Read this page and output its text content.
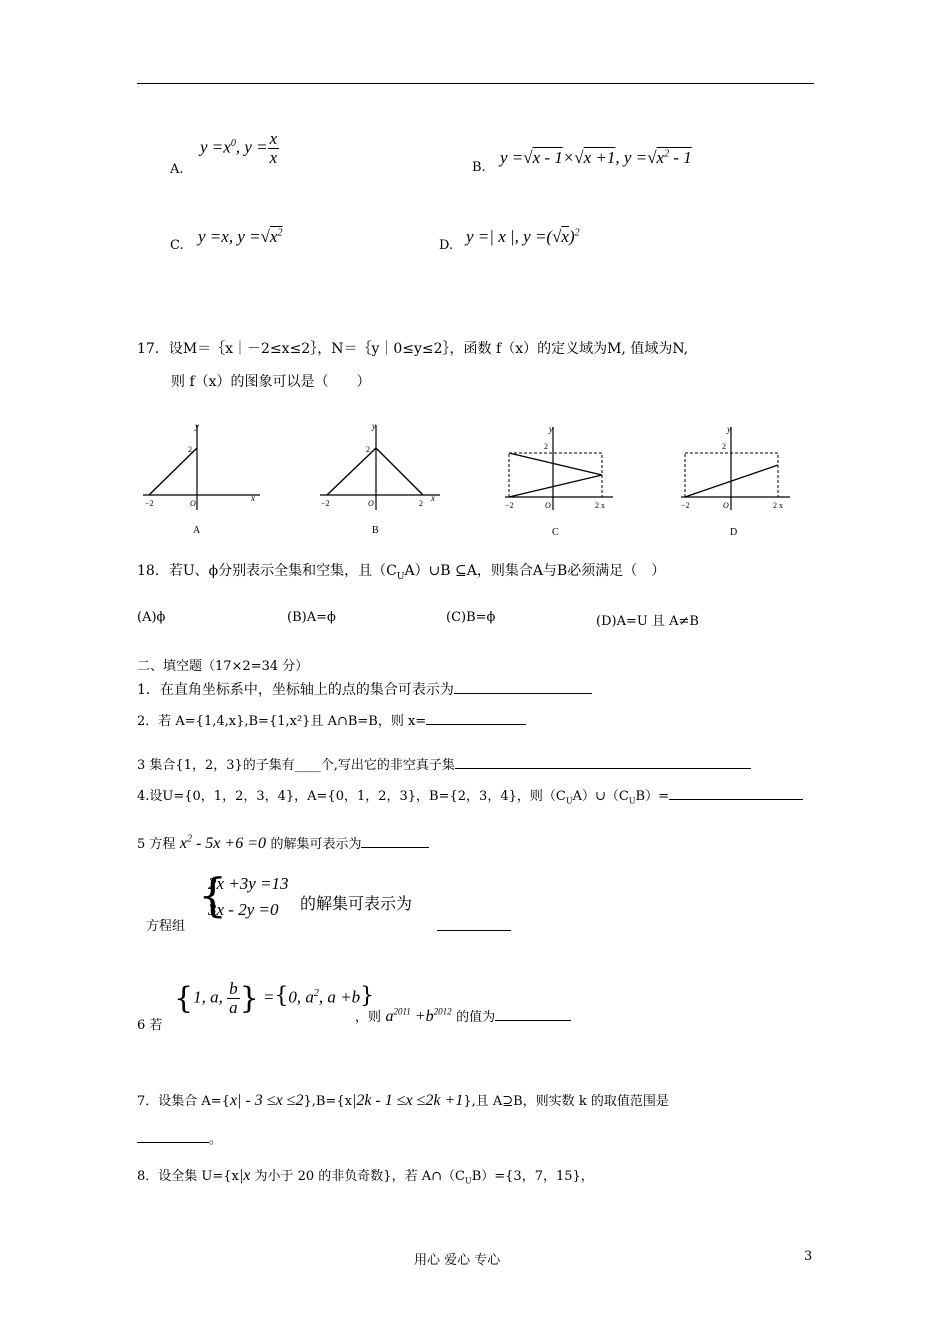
A.
$y =x^0$, $y = \frac{x}{x}$
B.
y =√x - 1×√x +1, $y =√x^2 - 1$
C. y =x, $y =√x^2$
D. y =| x |, $y =(√x)^2$
17．设M＝｛x｜－2≤x≤2｝，N＝｛y｜0≤y≤2｝，函数 f（x）的定义域为M, 值域为N,
则 f（x）的图象可以是（　　）
y
x
2
−2	O
A
y
x
2
−2	O	2
B
y
2
−2	O	2 x
C
y
2
−2	O	2 x
D
18．若U、ϕ分别表示全集和空集，且$(C_UA)\cup B$ ⊆A，则集合A与B必须满足（　）
(A)ϕ	(B)A=ϕ	(C)B=ϕ	(D)A=U 且 A≠B
二、填空题（17×2=34 分）
1．在直角坐标系中，坐标轴上的点的集合可表示为
2．若 A={1,4,x},B={1,x²}且 A∩B=B，则 x=
3 集合{1，2，3}的子集有____个,写出它的非空真子集
4.设U={0，1，2，3，4}，A={0，1，2，3}，B={2，3，4}，则$(C_UA)\cup(C_UB)=$
5 方程 $x^2 - 5x +6 =0$ 的解集可表示为
方程组
{
2x +3y =13
3x - 2y =0 的解集可表示为
6 若
{1, a, $\frac{b}{a}$ } ={0, $a^2$, a +b}
，则 $a^{2011} +b^{2012}$ 的值为
7．设集合 A={x| - 3 ≤x ≤2},B={x|2k - 1 ≤x ≤2k +1},且 A⊇B，则实数 k 的取值范围是
。
8．设全集 U={x|x 为小于 20 的非负奇数}，若 $A\cap(C_UB)=\{3$，7，15}，
用心 爱心 专心	3
